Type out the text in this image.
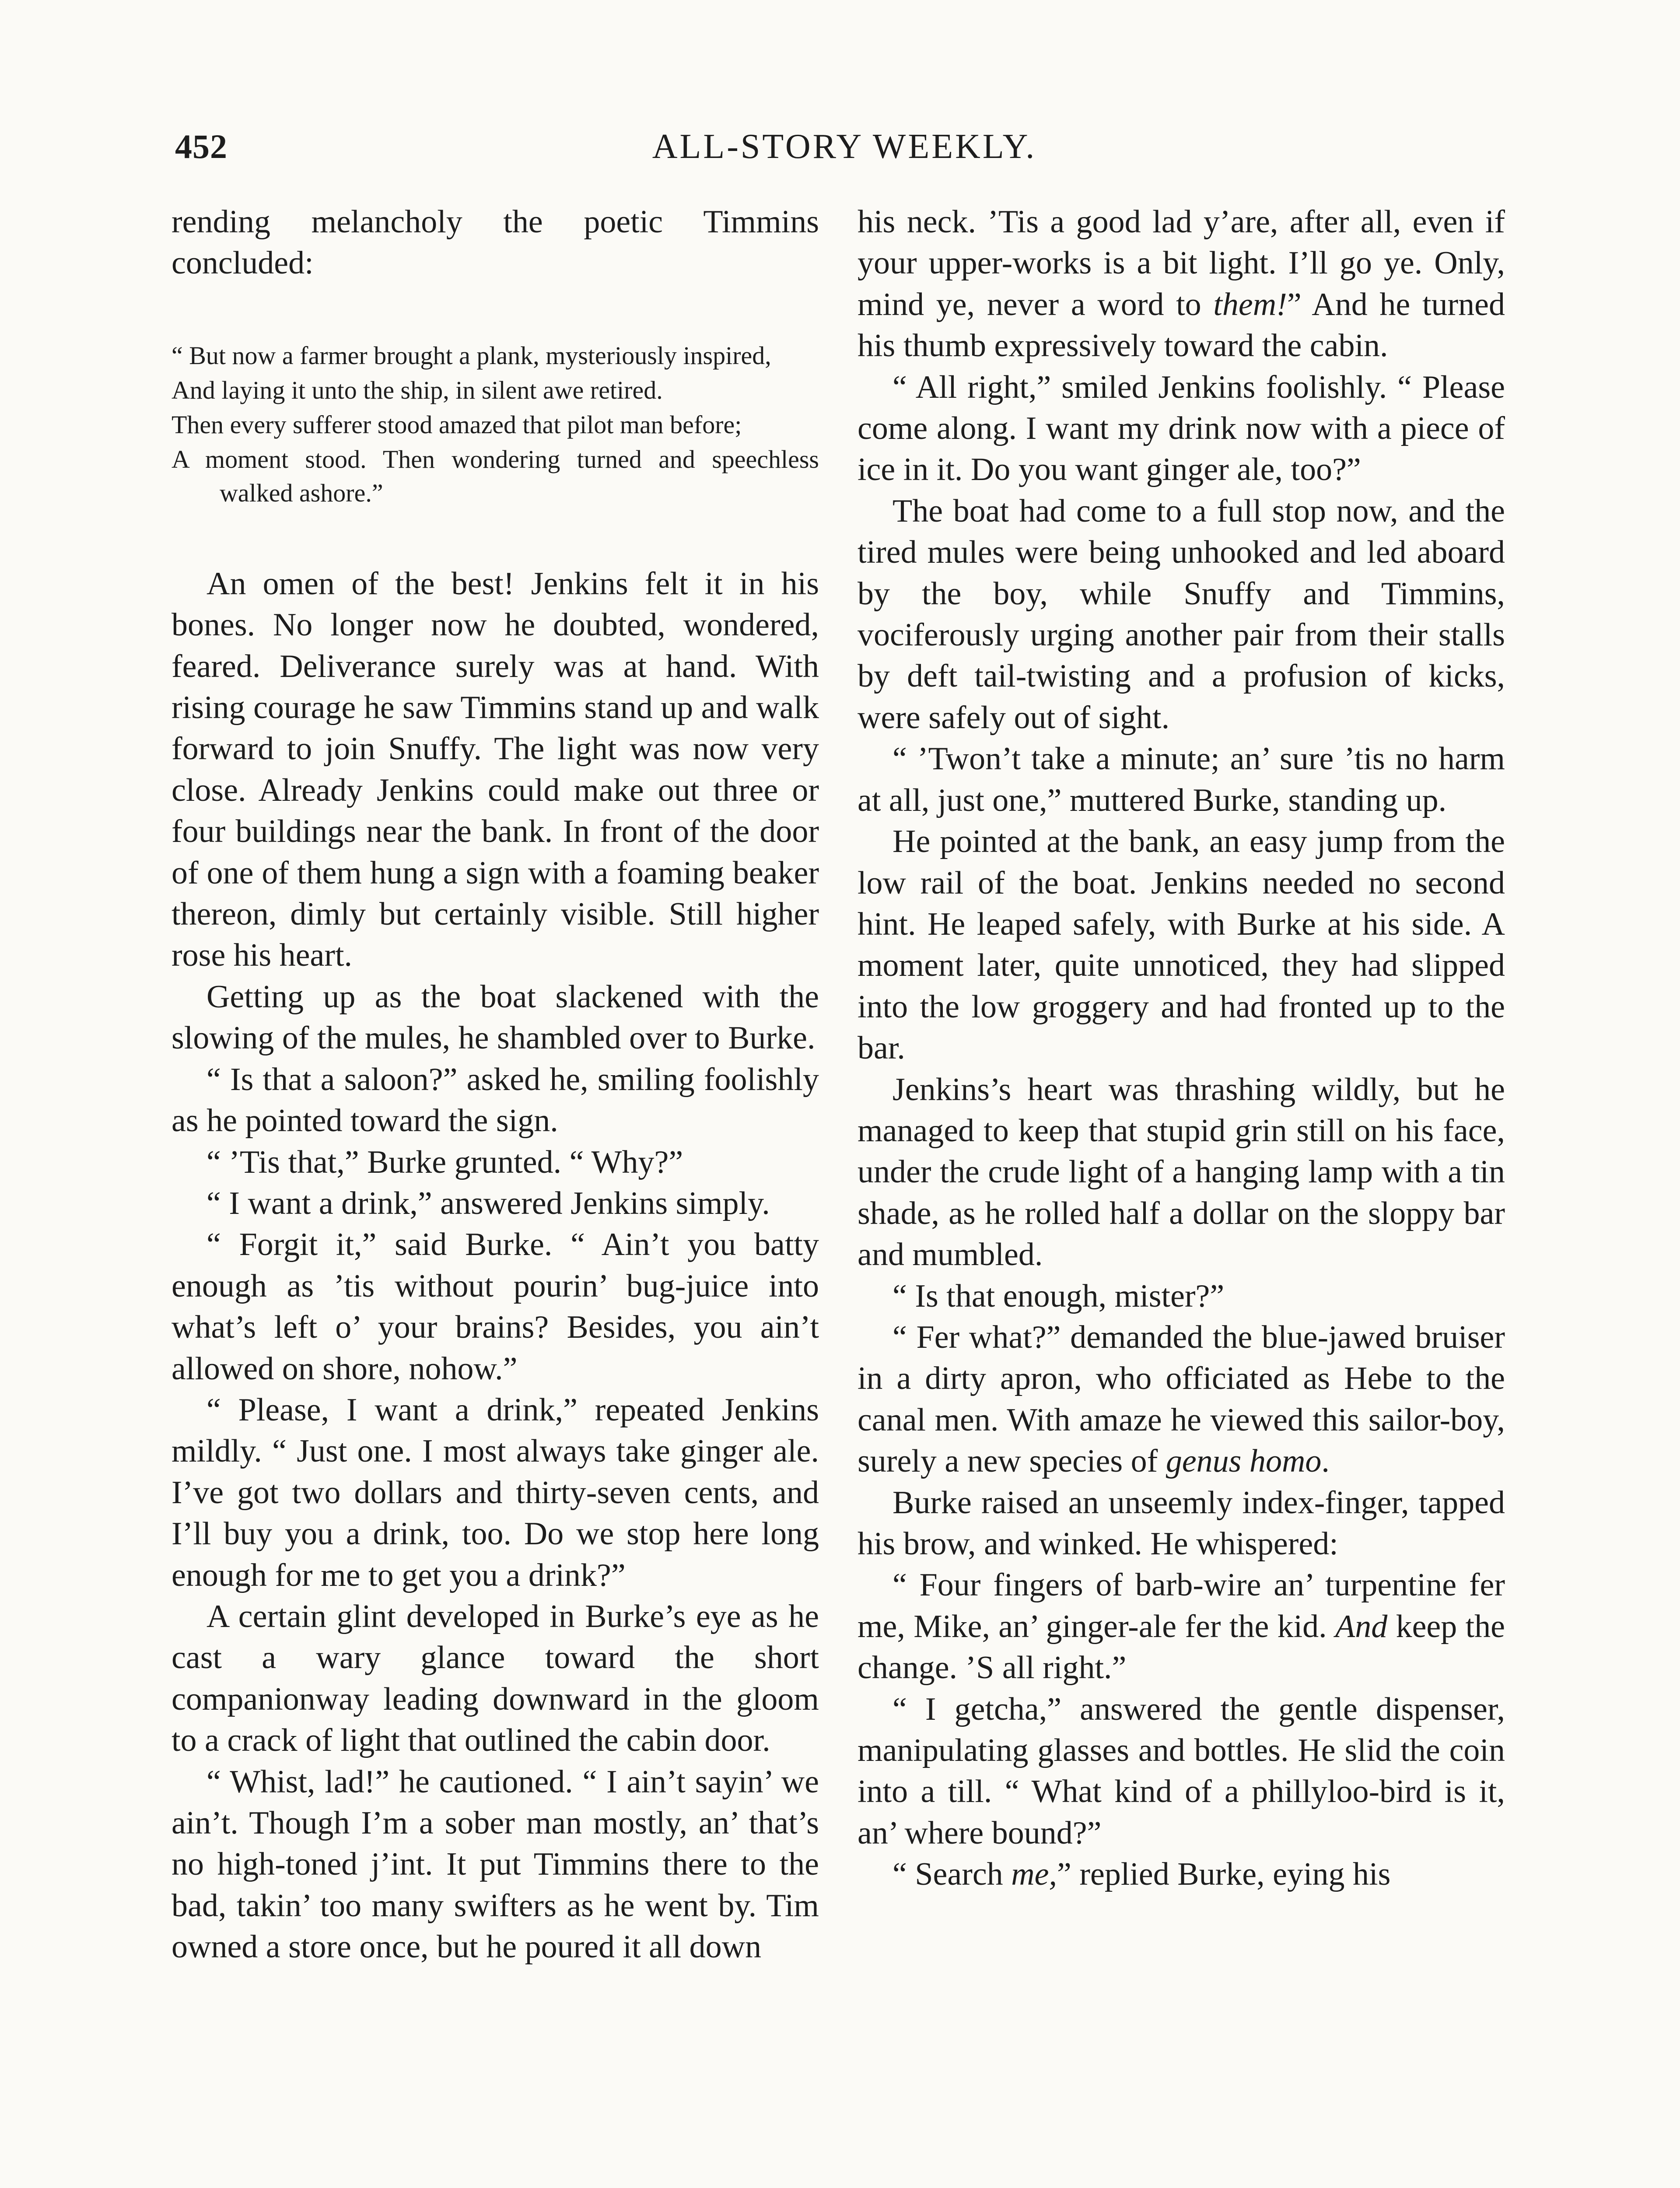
452	ALL-STORY WEEKLY.

rending melancholy the poetic Timmins concluded:

“ But now a farmer brought a plank, mysteriously inspired,
And laying it unto the ship, in silent awe retired.
Then every sufferer stood amazed that pilot man before;
A moment stood. Then wondering turned and speechless walked ashore.”

An omen of the best! Jenkins felt it in his bones. No longer now he doubted, wondered, feared. Deliverance surely was at hand. With rising courage he saw Timmins stand up and walk forward to join Snuffy. The light was now very close. Already Jenkins could make out three or four buildings near the bank. In front of the door of one of them hung a sign with a foaming beaker thereon, dimly but certainly visible. Still higher rose his heart.

Getting up as the boat slackened with the slowing of the mules, he shambled over to Burke.

“ Is that a saloon?” asked he, smiling foolishly as he pointed toward the sign.

“ ’Tis that,” Burke grunted. “ Why?”

“ I want a drink,” answered Jenkins simply.

“ Forgit it,” said Burke. “ Ain’t you batty enough as ’tis without pourin’ bug-juice into what’s left o’ your brains? Besides, you ain’t allowed on shore, nohow.”

“ Please, I want a drink,” repeated Jenkins mildly. “ Just one. I most always take ginger ale. I’ve got two dollars and thirty-seven cents, and I’ll buy you a drink, too. Do we stop here long enough for me to get you a drink?”

A certain glint developed in Burke’s eye as he cast a wary glance toward the short companionway leading downward in the gloom to a crack of light that outlined the cabin door.

“ Whist, lad!” he cautioned. “ I ain’t sayin’ we ain’t. Though I’m a sober man mostly, an’ that’s no high-toned j’int. It put Timmins there to the bad, takin’ too many swifters as he went by. Tim owned a store once, but he poured it all down

his neck. ’Tis a good lad y’are, after all, even if your upper-works is a bit light. I’ll go ye. Only, mind ye, never a word to them!” And he turned his thumb expressively toward the cabin.

“ All right,” smiled Jenkins foolishly. “ Please come along. I want my drink now with a piece of ice in it. Do you want ginger ale, too?”

The boat had come to a full stop now, and the tired mules were being unhooked and led aboard by the boy, while Snuffy and Timmins, vociferously urging another pair from their stalls by deft tail-twisting and a profusion of kicks, were safely out of sight.

“ ’Twon’t take a minute; an’ sure ’tis no harm at all, just one,” muttered Burke, standing up.

He pointed at the bank, an easy jump from the low rail of the boat. Jenkins needed no second hint. He leaped safely, with Burke at his side. A moment later, quite unnoticed, they had slipped into the low groggery and had fronted up to the bar.

Jenkins’s heart was thrashing wildly, but he managed to keep that stupid grin still on his face, under the crude light of a hanging lamp with a tin shade, as he rolled half a dollar on the sloppy bar and mumbled.

“ Is that enough, mister?”

“ Fer what?” demanded the blue-jawed bruiser in a dirty apron, who officiated as Hebe to the canal men. With amaze he viewed this sailor-boy, surely a new species of genus homo.

Burke raised an unseemly index-finger, tapped his brow, and winked. He whispered:

“ Four fingers of barb-wire an’ turpentine fer me, Mike, an’ ginger-ale fer the kid. And keep the change. ’S all right.”

“ I getcha,” answered the gentle dispenser, manipulating glasses and bottles. He slid the coin into a till. “ What kind of a phillyloo-bird is it, an’ where bound?”

“ Search me,” replied Burke, eying his
